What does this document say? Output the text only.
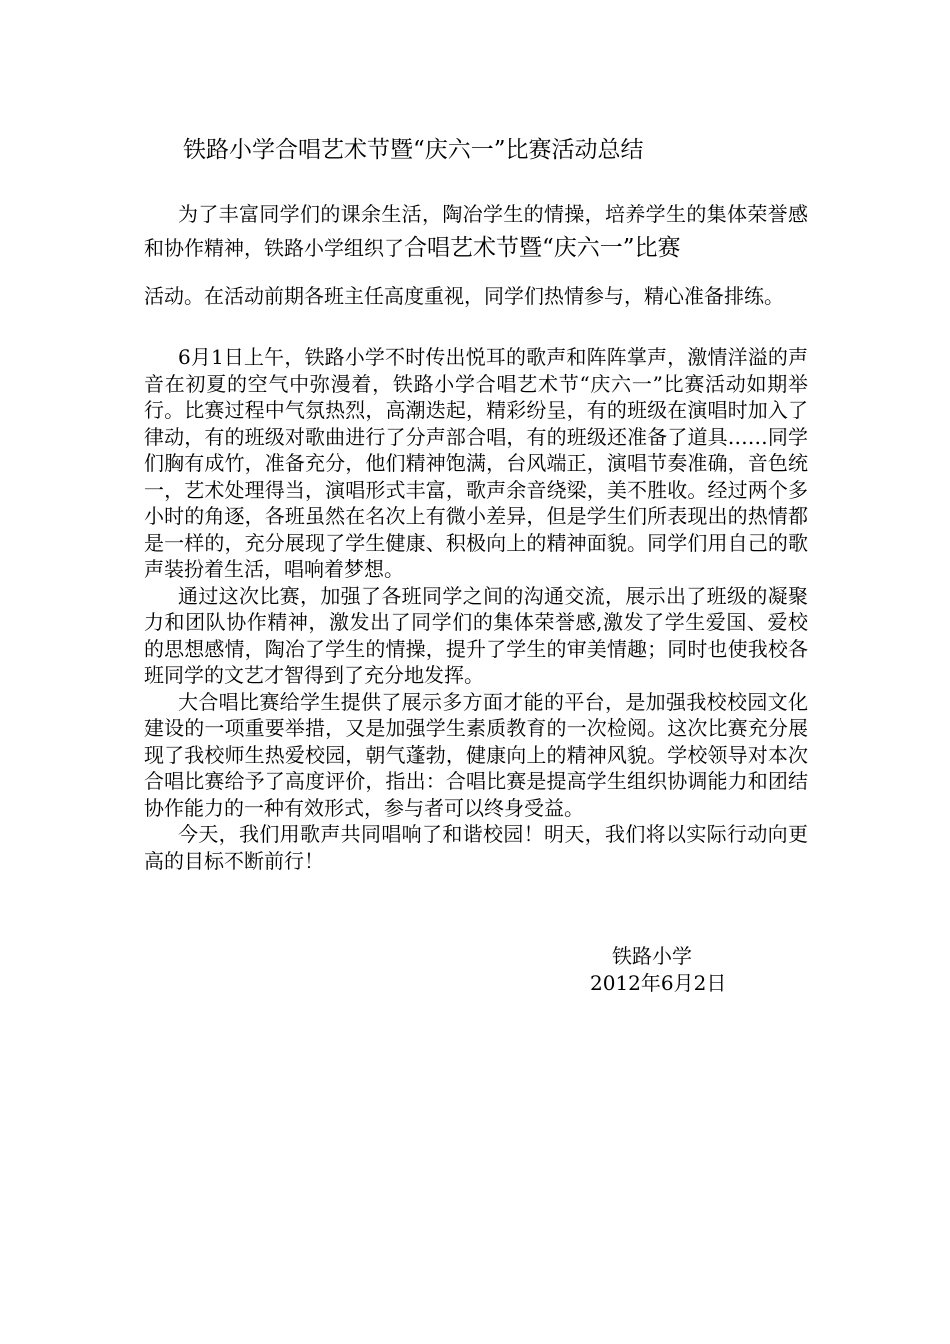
铁路小学合唱艺术节暨“庆六一”比赛活动总结
为了丰富同学们的课余生活，陶冶学生的情操，培养学生的集体荣誉感和协作精神，铁路小学组织了合唱艺术节暨“庆六一”比赛
活动。在活动前期各班主任高度重视，同学们热情参与，精心准备排练。

6月1日上午，铁路小学不时传出悦耳的歌声和阵阵掌声，激情洋溢的声音在初夏的空气中弥漫着，铁路小学合唱艺术节“庆六一”比赛活动如期举行。比赛过程中气氛热烈，高潮迭起，精彩纷呈，有的班级在演唱时加入了律动，有的班级对歌曲进行了分声部合唱，有的班级还准备了道具……同学们胸有成竹，准备充分，他们精神饱满，台风端正，演唱节奏准确，音色统一，艺术处理得当，演唱形式丰富，歌声余音绕梁，美不胜收。经过两个多小时的角逐，各班虽然在名次上有微小差异，但是学生们所表现出的热情都是一样的，充分展现了学生健康、积极向上的精神面貌。同学们用自己的歌声装扮着生活，唱响着梦想。

通过这次比赛，加强了各班同学之间的沟通交流，展示出了班级的凝聚力和团队协作精神，激发出了同学们的集体荣誉感,激发了学生爱国、爱校的思想感情，陶冶了学生的情操，提升了学生的审美情趣；同时也使我校各班同学的文艺才智得到了充分地发挥。

大合唱比赛给学生提供了展示多方面才能的平台，是加强我校校园文化建设的一项重要举措，又是加强学生素质教育的一次检阅。这次比赛充分展现了我校师生热爱校园，朝气蓬勃，健康向上的精神风貌。学校领导对本次合唱比赛给予了高度评价，指出：合唱比赛是提高学生组织协调能力和团结协作能力的一种有效形式，参与者可以终身受益。

今天，我们用歌声共同唱响了和谐校园！明天，我们将以实际行动向更高的目标不断前行！

铁路小学
2012年6月2日
